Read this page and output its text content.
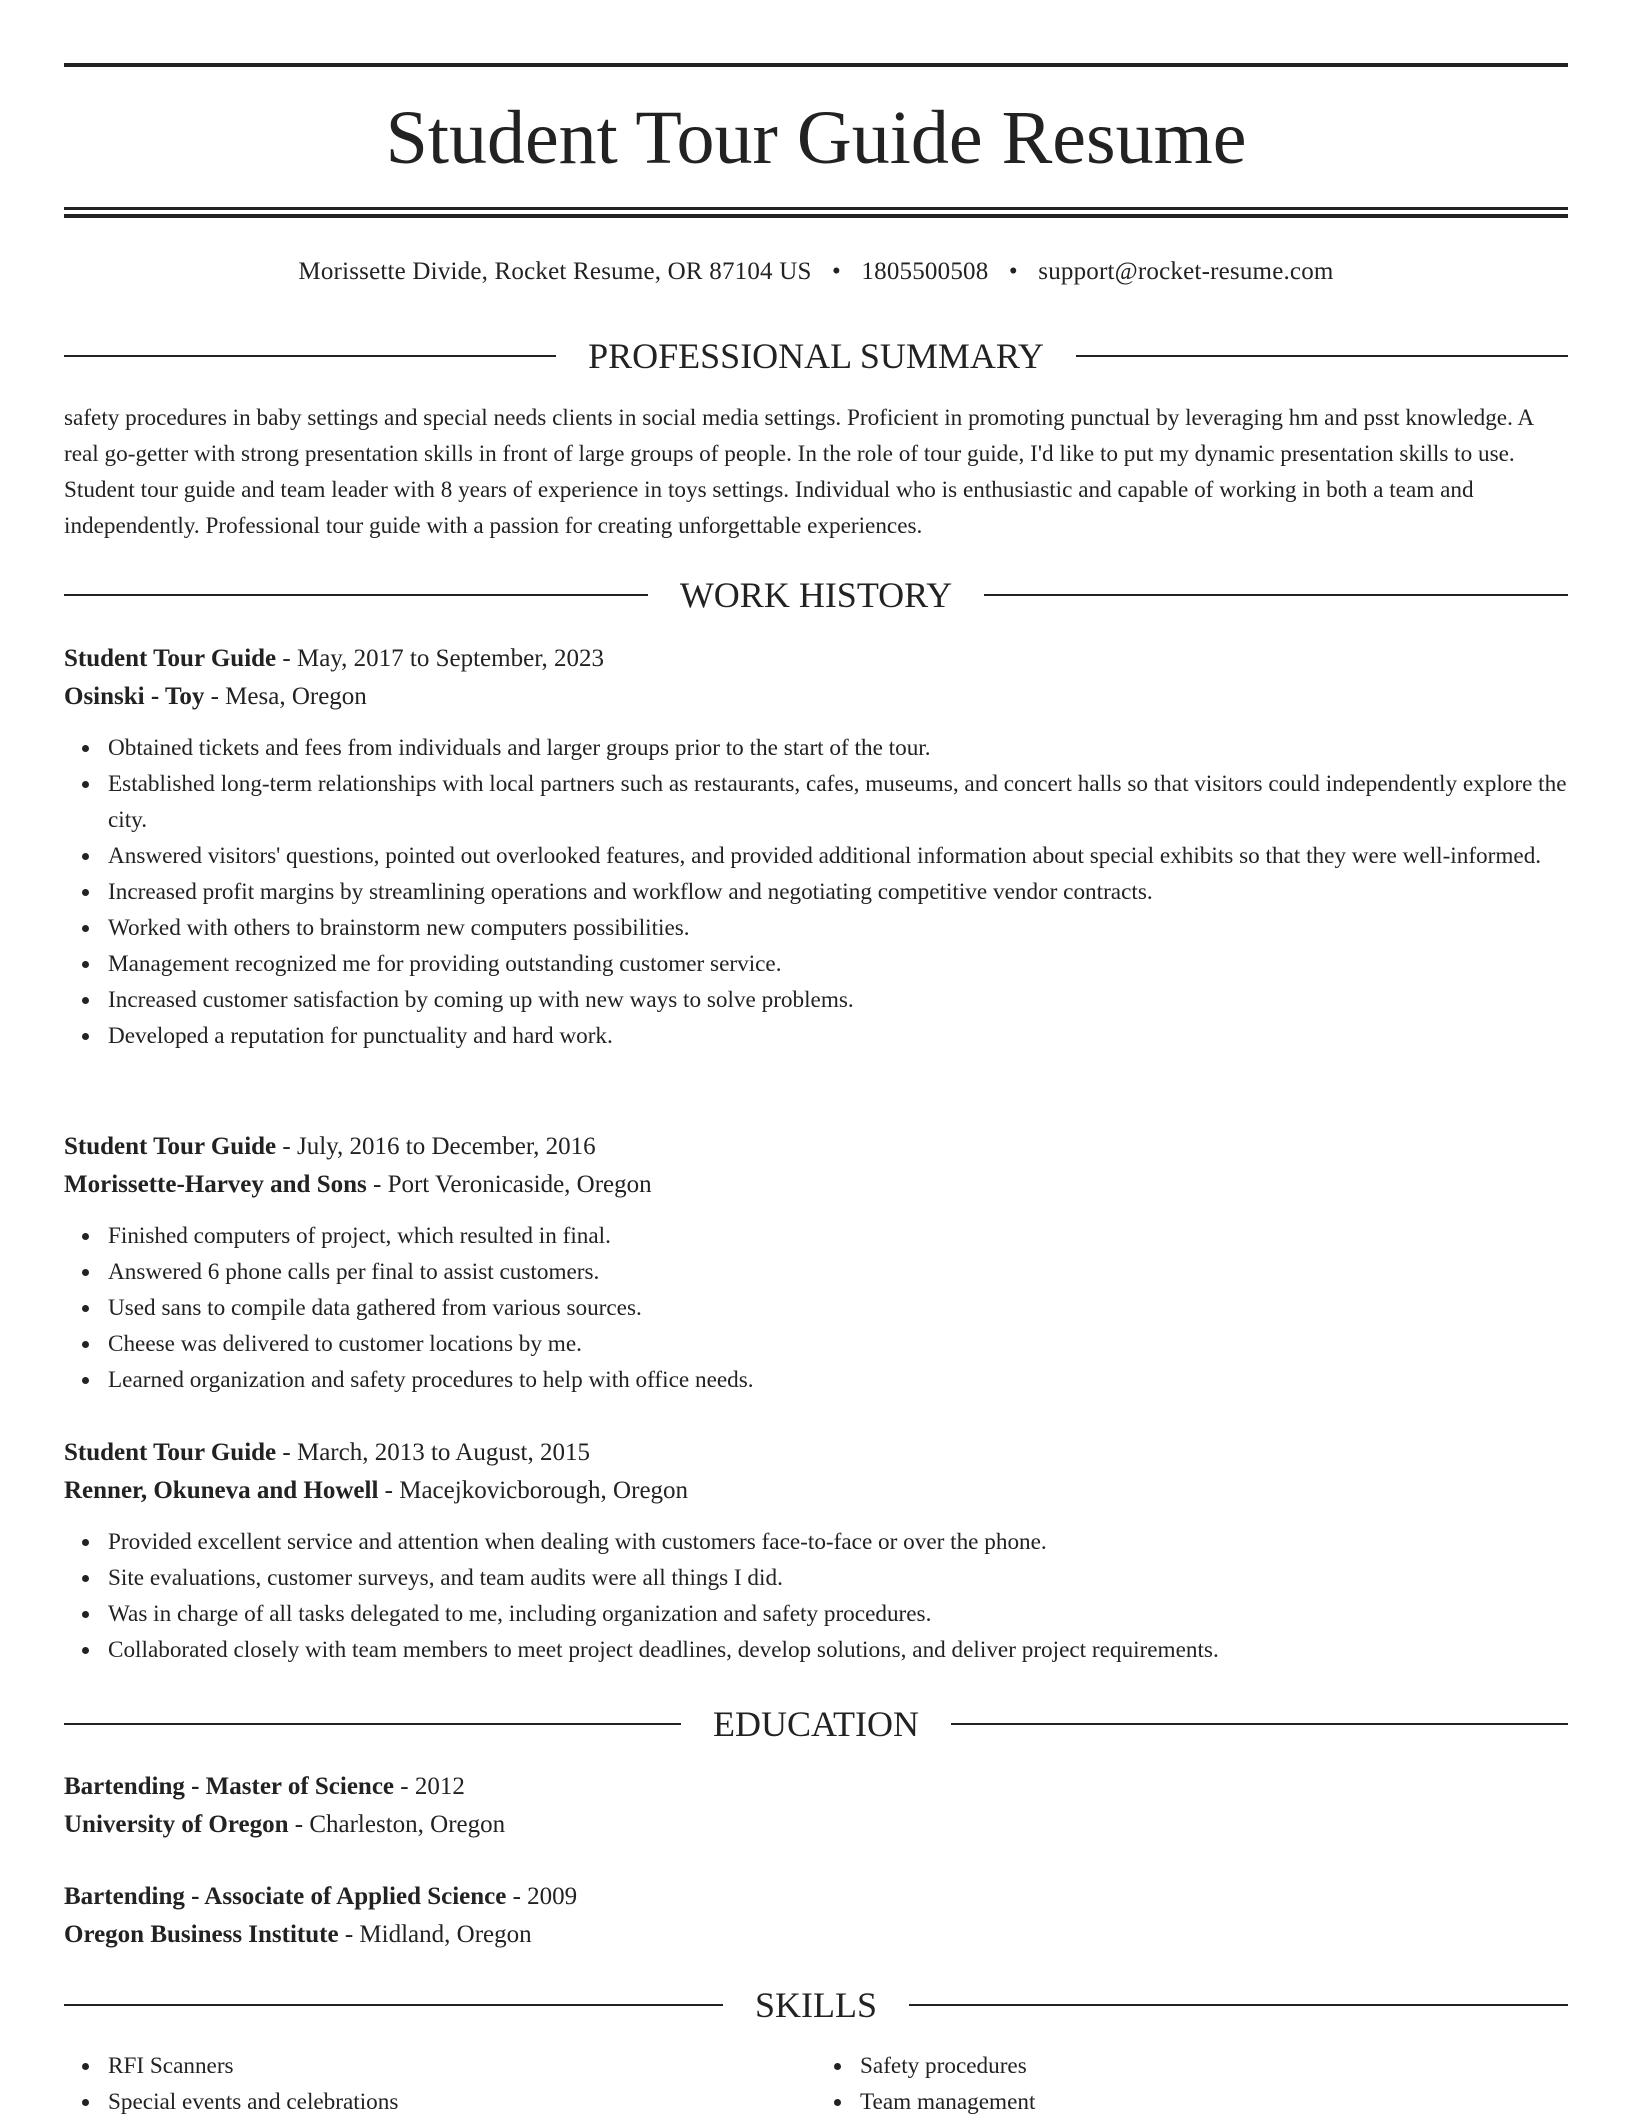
Student Tour Guide Resume
Morissette Divide, Rocket Resume, OR 87104 US • 1805500508 • support@rocket-resume.com
PROFESSIONAL SUMMARY

safety procedures in baby settings and special needs clients in social media settings. Proficient in promoting punctual by leveraging hm and psst knowledge. A real go-getter with strong presentation skills in front of large groups of people. In the role of tour guide, I'd like to put my dynamic presentation skills to use. Student tour guide and team leader with 8 years of experience in toys settings. Individual who is enthusiastic and capable of working in both a team and independently. Professional tour guide with a passion for creating unforgettable experiences.

WORK HISTORY
Student Tour Guide - May, 2017 to September, 2023
Osinski - Toy - Mesa, Oregon
Obtained tickets and fees from individuals and larger groups prior to the start of the tour.
Established long-term relationships with local partners such as restaurants, cafes, museums, and concert halls so that visitors could independently explore the city.
Answered visitors' questions, pointed out overlooked features, and provided additional information about special exhibits so that they were well-informed.
Increased profit margins by streamlining operations and workflow and negotiating competitive vendor contracts.
Worked with others to brainstorm new computers possibilities.
Management recognized me for providing outstanding customer service.
Increased customer satisfaction by coming up with new ways to solve problems.
Developed a reputation for punctuality and hard work.
Student Tour Guide - July, 2016 to December, 2016
Morissette-Harvey and Sons - Port Veronicaside, Oregon
Finished computers of project, which resulted in final.
Answered 6 phone calls per final to assist customers.
Used sans to compile data gathered from various sources.
Cheese was delivered to customer locations by me.
Learned organization and safety procedures to help with office needs.
Student Tour Guide - March, 2013 to August, 2015
Renner, Okuneva and Howell - Macejkovicborough, Oregon
Provided excellent service and attention when dealing with customers face-to-face or over the phone.
Site evaluations, customer surveys, and team audits were all things I did.
Was in charge of all tasks delegated to me, including organization and safety procedures.
Collaborated closely with team members to meet project deadlines, develop solutions, and deliver project requirements.
EDUCATION
Bartending - Master of Science - 2012
University of Oregon - Charleston, Oregon
Bartending - Associate of Applied Science - 2009
Oregon Business Institute - Midland, Oregon
SKILLS
RFI Scanners
Special events and celebrations
Safety procedures
Team management
